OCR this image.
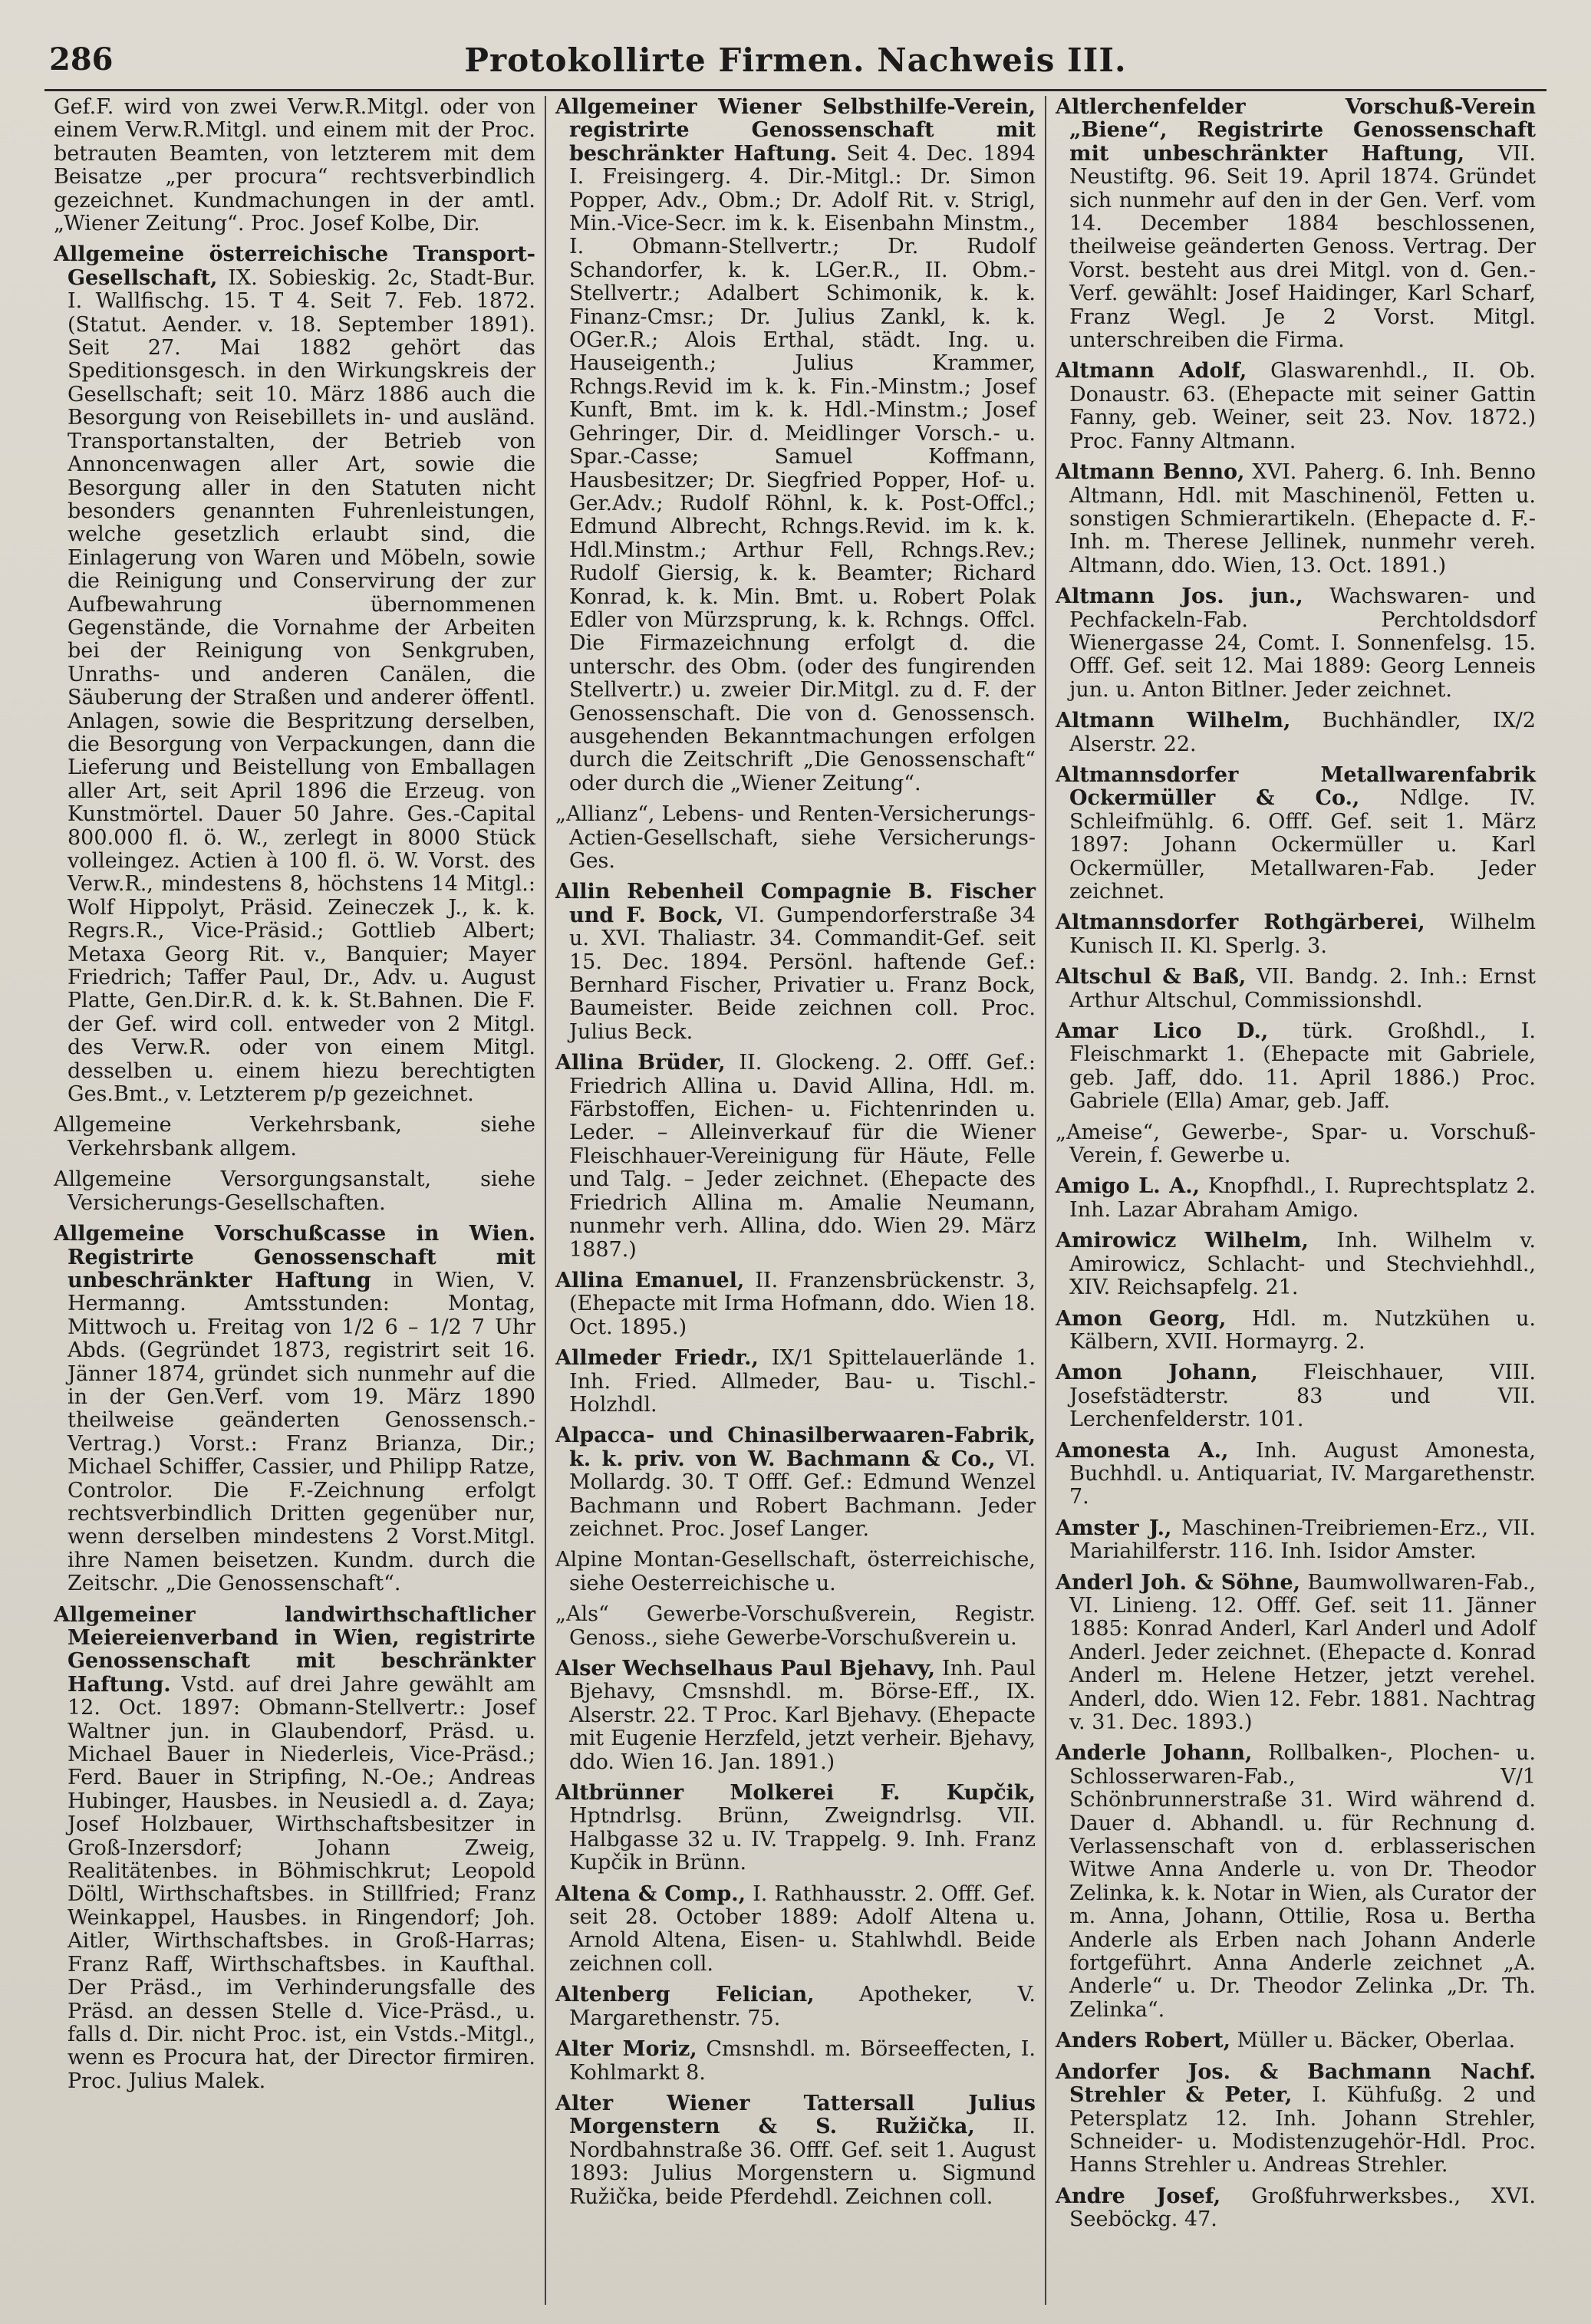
286	Protokollirte Firmen. Nachweis III.

Gef.F. wird von zwei Verw.R.Mitgl. oder von einem Verw.R.Mitgl. und einem mit der Proc. betrauten Beamten, von letzterem mit dem Beisatze „per procura“ rechtsverbindlich gezeichnet. Kundmachungen in der amtl. „Wiener Zeitung“. Proc. Josef Kolbe, Dir.

Allgemeine österreichische Transport-Gesellschaft, IX. Sobieskig. 2c, Stadt-Bur. I. Wallfischg. 15. T 4. Seit 7. Feb. 1872. (Statut. Aender. v. 18. September 1891). Seit 27. Mai 1882 gehört das Speditionsgesch. in den Wirkungskreis der Gesellschaft; seit 10. März 1886 auch die Besorgung von Reisebillets in- und ausländ. Transportanstalten, der Betrieb von Annoncenwagen aller Art, sowie die Besorgung aller in den Statuten nicht besonders genannten Fuhrenleistungen, welche gesetzlich erlaubt sind, die Einlagerung von Waren und Möbeln, sowie die Reinigung und Conservirung der zur Aufbewahrung übernommenen Gegenstände, die Vornahme der Arbeiten bei der Reinigung von Senkgruben, Unraths- und anderen Canälen, die Säuberung der Straßen und anderer öffentl. Anlagen, sowie die Bespritzung derselben, die Besorgung von Verpackungen, dann die Lieferung und Beistellung von Emballagen aller Art, seit April 1896 die Erzeug. von Kunstmörtel. Dauer 50 Jahre. Ges.-Capital 800.000 fl. ö. W., zerlegt in 8000 Stück volleingez. Actien à 100 fl. ö. W. Vorst. des Verw.R., mindestens 8, höchstens 14 Mitgl.: Wolf Hippolyt, Präsid. Zeineczek J., k. k. Regrs.R., Vice-Präsid.; Gottlieb Albert; Metaxa Georg Rit. v., Banquier; Mayer Friedrich; Taffer Paul, Dr., Adv. u. August Platte, Gen.Dir.R. d. k. k. St.Bahnen. Die F. der Gef. wird coll. entweder von 2 Mitgl. des Verw.R. oder von einem Mitgl. desselben u. einem hiezu berechtigten Ges.Bmt., v. Letzterem p/p gezeichnet.

Allgemeine Verkehrsbank, siehe Verkehrsbank allgem.

Allgemeine Versorgungsanstalt, siehe Versicherungs-Gesellschaften.

Allgemeine Vorschußcasse in Wien. Registrirte Genossenschaft mit unbeschränkter Haftung in Wien, V. Hermanng. Amtsstunden: Montag, Mittwoch u. Freitag von 1/2 6 – 1/2 7 Uhr Abds. (Gegründet 1873, registrirt seit 16. Jänner 1874, gründet sich nunmehr auf die in der Gen.Verf. vom 19. März 1890 theilweise geänderten Genossensch.-Vertrag.) Vorst.: Franz Brianza, Dir.; Michael Schiffer, Cassier, und Philipp Ratze, Controlor. Die F.-Zeichnung erfolgt rechtsverbindlich Dritten gegenüber nur, wenn derselben mindestens 2 Vorst.Mitgl. ihre Namen beisetzen. Kundm. durch die Zeitschr. „Die Genossenschaft“.

Allgemeiner landwirthschaftlicher Meiereienverband in Wien, registrirte Genossenschaft mit beschränkter Haftung. Vstd. auf drei Jahre gewählt am 12. Oct. 1897: Obmann-Stellvertr.: Josef Waltner jun. in Glaubendorf, Präsd. u. Michael Bauer in Niederleis, Vice-Präsd.; Ferd. Bauer in Stripfing, N.-Oe.; Andreas Hubinger, Hausbes. in Neusiedl a. d. Zaya; Josef Holzbauer, Wirthschaftsbesitzer in Groß-Inzersdorf; Johann Zweig, Realitätenbes. in Böhmischkrut; Leopold Döltl, Wirthschaftsbes. in Stillfried; Franz Weinkappel, Hausbes. in Ringendorf; Joh. Aitler, Wirthschaftsbes. in Groß-Harras; Franz Raff, Wirthschaftsbes. in Kaufthal. Der Präsd., im Verhinderungsfalle des Präsd. an dessen Stelle d. Vice-Präsd., u. falls d. Dir. nicht Proc. ist, ein Vstds.-Mitgl., wenn es Procura hat, der Director firmiren. Proc. Julius Malek.

Allgemeiner Wiener Selbsthilfe-Verein, registrirte Genossenschaft mit beschränkter Haftung. Seit 4. Dec. 1894 I. Freisingerg. 4. Dir.-Mitgl.: Dr. Simon Popper, Adv., Obm.; Dr. Adolf Rit. v. Strigl, Min.-Vice-Secr. im k. k. Eisenbahn Minstm., I. Obmann-Stellvertr.; Dr. Rudolf Schandorfer, k. k. LGer.R., II. Obm.-Stellvertr.; Adalbert Schimonik, k. k. Finanz-Cmsr.; Dr. Julius Zankl, k. k. OGer.R.; Alois Erthal, städt. Ing. u. Hauseigenth.; Julius Krammer, Rchngs.Revid im k. k. Fin.-Minstm.; Josef Kunft, Bmt. im k. k. Hdl.-Minstm.; Josef Gehringer, Dir. d. Meidlinger Vorsch.- u. Spar.-Casse; Samuel Koffmann, Hausbesitzer; Dr. Siegfried Popper, Hof- u. Ger.Adv.; Rudolf Röhnl, k. k. Post-Offcl.; Edmund Albrecht, Rchngs.Revid. im k. k. Hdl.Minstm.; Arthur Fell, Rchngs.Rev.; Rudolf Giersig, k. k. Beamter; Richard Konrad, k. k. Min. Bmt. u. Robert Polak Edler von Mürzsprung, k. k. Rchngs. Offcl. Die Firmazeichnung erfolgt d. die unterschr. des Obm. (oder des fungirenden Stellvertr.) u. zweier Dir.Mitgl. zu d. F. der Genossenschaft. Die von d. Genossensch. ausgehenden Bekanntmachungen erfolgen durch die Zeitschrift „Die Genossenschaft“ oder durch die „Wiener Zeitung“.

„Allianz“, Lebens- und Renten-Versicherungs-Actien-Gesellschaft, siehe Versicherungs-Ges.

Allin Rebenheil Compagnie B. Fischer und F. Bock, VI. Gumpendorferstraße 34 u. XVI. Thaliastr. 34. Commandit-Gef. seit 15. Dec. 1894. Persönl. haftende Gef.: Bernhard Fischer, Privatier u. Franz Bock, Baumeister. Beide zeichnen coll. Proc. Julius Beck.

Allina Brüder, II. Glockeng. 2. Offf. Gef.: Friedrich Allina u. David Allina, Hdl. m. Färbstoffen, Eichen- u. Fichtenrinden u. Leder. – Alleinverkauf für die Wiener Fleischhauer-Vereinigung für Häute, Felle und Talg. – Jeder zeichnet. (Ehepacte des Friedrich Allina m. Amalie Neumann, nunmehr verh. Allina, ddo. Wien 29. März 1887.)

Allina Emanuel, II. Franzensbrückenstr. 3, (Ehepacte mit Irma Hofmann, ddo. Wien 18. Oct. 1895.)

Allmeder Friedr., IX/1 Spittelauerlände 1. Inh. Fried. Allmeder, Bau- u. Tischl.-Holzhdl.

Alpacca- und Chinasilberwaaren-Fabrik, k. k. priv. von W. Bachmann & Co., VI. Mollardg. 30. T Offf. Gef.: Edmund Wenzel Bachmann und Robert Bachmann. Jeder zeichnet. Proc. Josef Langer.

Alpine Montan-Gesellschaft, österreichische, siehe Oesterreichische u.

„Als“ Gewerbe-Vorschußverein, Registr. Genoss., siehe Gewerbe-Vorschußverein u.

Alser Wechselhaus Paul Bjehavy, Inh. Paul Bjehavy, Cmsnshdl. m. Börse-Eff., IX. Alserstr. 22. T Proc. Karl Bjehavy. (Ehepacte mit Eugenie Herzfeld, jetzt verheir. Bjehavy, ddo. Wien 16. Jan. 1891.)

Altbrünner Molkerei F. Kupčik, Hptndrlsg. Brünn, Zweigndrlsg. VII. Halbgasse 32 u. IV. Trappelg. 9. Inh. Franz Kupčik in Brünn.

Altena & Comp., I. Rathhausstr. 2. Offf. Gef. seit 28. October 1889: Adolf Altena u. Arnold Altena, Eisen- u. Stahlwhdl. Beide zeichnen coll.

Altenberg Felician, Apotheker, V. Margarethenstr. 75.

Alter Moriz, Cmsnshdl. m. Börseeffecten, I. Kohlmarkt 8.

Alter Wiener Tattersall Julius Morgenstern & S. Ružička, II. Nordbahnstraße 36. Offf. Gef. seit 1. August 1893: Julius Morgenstern u. Sigmund Ružička, beide Pferdehdl. Zeichnen coll.

Altlerchenfelder Vorschuß-Verein „Biene“, Registrirte Genossenschaft mit unbeschränkter Haftung, VII. Neustiftg. 96. Seit 19. April 1874. Gründet sich nunmehr auf den in der Gen. Verf. vom 14. December 1884 beschlossenen, theilweise geänderten Genoss. Vertrag. Der Vorst. besteht aus drei Mitgl. von d. Gen.-Verf. gewählt: Josef Haidinger, Karl Scharf, Franz Wegl. Je 2 Vorst. Mitgl. unterschreiben die Firma.

Altmann Adolf, Glaswarenhdl., II. Ob. Donaustr. 63. (Ehepacte mit seiner Gattin Fanny, geb. Weiner, seit 23. Nov. 1872.) Proc. Fanny Altmann.

Altmann Benno, XVI. Paherg. 6. Inh. Benno Altmann, Hdl. mit Maschinenöl, Fetten u. sonstigen Schmierartikeln. (Ehepacte d. F.-Inh. m. Therese Jellinek, nunmehr vereh. Altmann, ddo. Wien, 13. Oct. 1891.)

Altmann Jos. jun., Wachswaren- und Pechfackeln-Fab. Perchtoldsdorf Wienergasse 24, Comt. I. Sonnenfelsg. 15. Offf. Gef. seit 12. Mai 1889: Georg Lenneis jun. u. Anton Bitlner. Jeder zeichnet.

Altmann Wilhelm, Buchhändler, IX/2 Alserstr. 22.

Altmannsdorfer Metallwarenfabrik Ockermüller & Co., Ndlge. IV. Schleifmühlg. 6. Offf. Gef. seit 1. März 1897: Johann Ockermüller u. Karl Ockermüller, Metallwaren-Fab. Jeder zeichnet.

Altmannsdorfer Rothgärberei, Wilhelm Kunisch II. Kl. Sperlg. 3.

Altschul & Baß, VII. Bandg. 2. Inh.: Ernst Arthur Altschul, Commissionshdl.

Amar Lico D., türk. Großhdl., I. Fleischmarkt 1. (Ehepacte mit Gabriele, geb. Jaff, ddo. 11. April 1886.) Proc. Gabriele (Ella) Amar, geb. Jaff.

„Ameise“, Gewerbe-, Spar- u. Vorschuß-Verein, f. Gewerbe u.

Amigo L. A., Knopfhdl., I. Ruprechtsplatz 2. Inh. Lazar Abraham Amigo.

Amirowicz Wilhelm, Inh. Wilhelm v. Amirowicz, Schlacht- und Stechviehhdl., XIV. Reichsapfelg. 21.

Amon Georg, Hdl. m. Nutzkühen u. Kälbern, XVII. Hormayrg. 2.

Amon Johann, Fleischhauer, VIII. Josefstädterstr. 83 und VII. Lerchenfelderstr. 101.

Amonesta A., Inh. August Amonesta, Buchhdl. u. Antiquariat, IV. Margarethenstr. 7.

Amster J., Maschinen-Treibriemen-Erz., VII. Mariahilferstr. 116. Inh. Isidor Amster.

Anderl Joh. & Söhne, Baumwollwaren-Fab., VI. Linieng. 12. Offf. Gef. seit 11. Jänner 1885: Konrad Anderl, Karl Anderl und Adolf Anderl. Jeder zeichnet. (Ehepacte d. Konrad Anderl m. Helene Hetzer, jetzt verehel. Anderl, ddo. Wien 12. Febr. 1881. Nachtrag v. 31. Dec. 1893.)

Anderle Johann, Rollbalken-, Plochen- u. Schlosserwaren-Fab., V/1 Schönbrunnerstraße 31. Wird während d. Dauer d. Abhandl. u. für Rechnung d. Verlassenschaft von d. erblasserischen Witwe Anna Anderle u. von Dr. Theodor Zelinka, k. k. Notar in Wien, als Curator der m. Anna, Johann, Ottilie, Rosa u. Bertha Anderle als Erben nach Johann Anderle fortgeführt. Anna Anderle zeichnet „A. Anderle“ u. Dr. Theodor Zelinka „Dr. Th. Zelinka“.

Anders Robert, Müller u. Bäcker, Oberlaa.

Andorfer Jos. & Bachmann Nachf. Strehler & Peter, I. Kühfußg. 2 und Petersplatz 12. Inh. Johann Strehler, Schneider- u. Modistenzugehör-Hdl. Proc. Hanns Strehler u. Andreas Strehler.

Andre Josef, Großfuhrwerksbes., XVI. Seeböckg. 47.
